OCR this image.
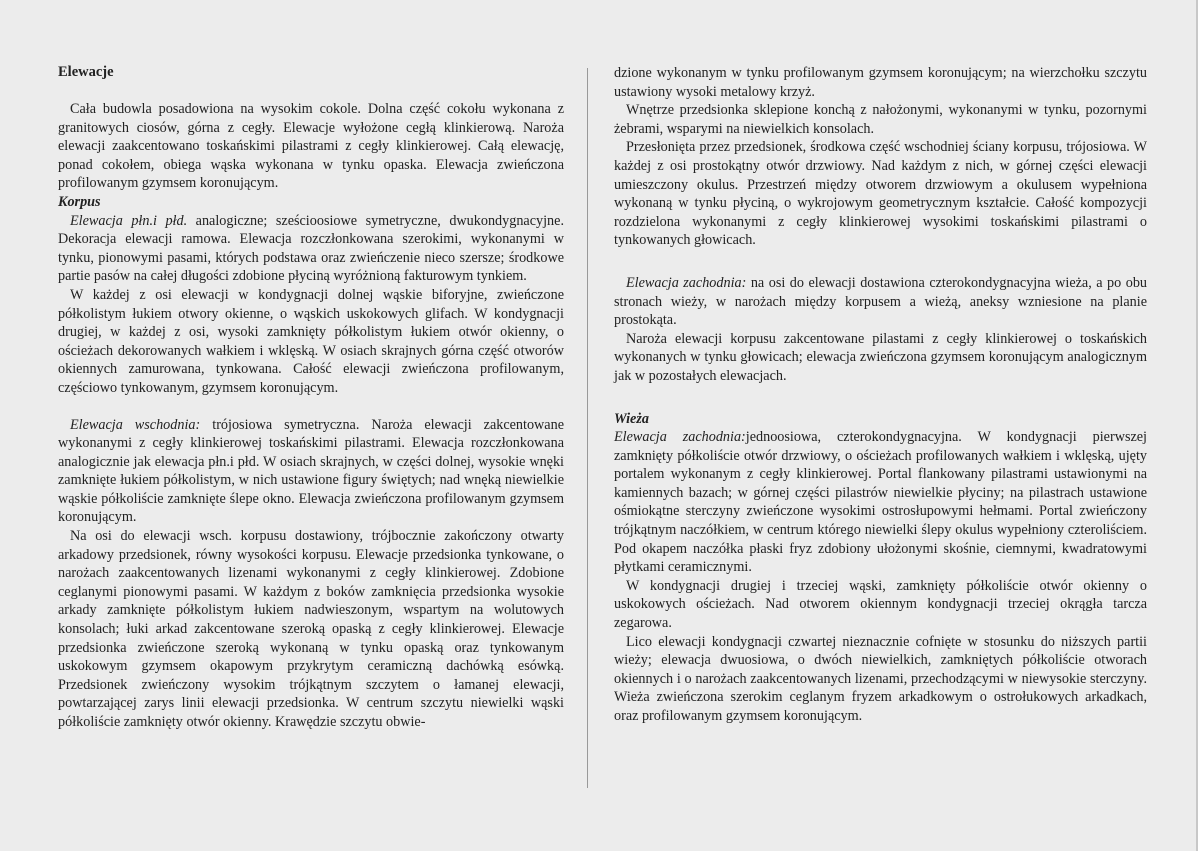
Elewacje

Cała budowla posadowiona na wysokim cokole. Dolna część cokołu wykonana z granitowych ciosów, górna z cegły. Elewacje wyłożone cegłą klinkierową. Naroża elewacji zaakcentowano toskańskimi pilastrami z cegły klinkierowej. Całą elewację, ponad cokołem, obiega wąska wykonana w tynku opaska. Elewacja zwieńczona profilowanym gzymsem koronującym.

Korpus

Elewacja płn.i płd. analogiczne; sześcioosiowe symetryczne, dwukondygnacyjne. Dekoracja elewacji ramowa. Elewacja rozczłonkowana szerokimi, wykonanymi w tynku, pionowymi pasami, których podstawa oraz zwieńczenie nieco szersze; środkowe partie pasów na całej długości zdobione płyciną wyróżnioną fakturowym tynkiem.

W każdej z osi elewacji w kondygnacji dolnej wąskie biforyjne, zwieńczone półkolistym łukiem otwory okienne, o wąskich uskokowych glifach. W kondygnacji drugiej, w każdej z osi, wysoki zamknięty półkolistym łukiem otwór okienny, o ościeżach dekorowanych wałkiem i wklęską. W osiach skrajnych górna część otworów okiennych zamurowana, tynkowana. Całość elewacji zwieńczona profilowanym, częściowo tynkowanym, gzymsem koronującym.

Elewacja wschodnia: trójosiowa symetryczna. Naroża elewacji zakcentowane wykonanymi z cegły klinkierowej toskańskimi pilastrami. Elewacja rozczłonkowana analogicznie jak elewacja płn.i płd. W osiach skrajnych, w części dolnej, wysokie wnęki zamknięte łukiem półkolistym, w nich ustawione figury świętych; nad wnęką niewielkie wąskie półkoliście zamknięte ślepe okno. Elewacja zwieńczona profilowanym gzymsem koronującym.

Na osi do elewacji wsch. korpusu dostawiony, trójbocznie zakończony otwarty arkadowy przedsionek, równy wysokości korpusu. Elewacje przedsionka tynkowane, o narożach zaakcentowanych lizenami wykonanymi z cegły klinkierowej. Zdobione ceglanymi pionowymi pasami. W każdym z boków zamknięcia przedsionka wysokie arkady zamknięte półkolistym łukiem nadwieszonym, wspartym na wolutowych konsolach; łuki arkad zakcentowane szeroką opaską z cegły klinkierowej. Elewacje przedsionka zwieńczone szeroką wykonaną w tynku opaską oraz tynkowanym uskokowym gzymsem okapowym przykrytym ceramiczną dachówką esówką. Przedsionek zwieńczony wysokim trójkątnym szczytem o łamanej elewacji, powtarzającej zarys linii elewacji przedsionka. W centrum szczytu niewielki wąski półkoliście zamknięty otwór okienny. Krawędzie szczytu obwie-

dzione wykonanym w tynku profilowanym gzymsem koronującym; na wierzchołku szczytu ustawiony wysoki metalowy krzyż.

Wnętrze przedsionka sklepione konchą z nałożonymi, wykonanymi w tynku, pozornymi żebrami, wsparymi na niewielkich konsolach.

Przesłonięta przez przedsionek, środkowa część wschodniej ściany korpusu, trójosiowa. W każdej z osi prostokątny otwór drzwiowy. Nad każdym z nich, w górnej części elewacji umieszczony okulus. Przestrzeń między otworem drzwiowym a okulusem wypełniona wykonaną w tynku płyciną, o wykrojowym geometrycznym kształcie. Całość kompozycji rozdzielona wykonanymi z cegły klinkierowej wysokimi toskańskimi pilastrami o tynkowanych głowicach.

Elewacja zachodnia: na osi do elewacji dostawiona czterokondygnacyjna wieża, a po obu stronach wieży, w narożach między korpusem a wieżą, aneksy wzniesione na planie prostokąta.

Naroża elewacji korpusu zakcentowane pilastami z cegły klinkierowej o toskańskich wykonanych w tynku głowicach; elewacja zwieńczona gzymsem koronującym analogicznym jak w pozostałych elewacjach.

Wieża

Elewacja zachodnia:jednoosiowa, czterokondygnacyjna. W kondygnacji pierwszej zamknięty półkoliście otwór drzwiowy, o ościeżach profilowanych wałkiem i wklęską, ujęty portalem wykonanym z cegły klinkierowej. Portal flankowany pilastrami ustawionymi na kamiennych bazach; w górnej części pilastrów niewielkie płyciny; na pilastrach ustawione ośmiokątne sterczyny zwieńczone wysokimi ostrosłupowymi hełmami. Portal zwieńczony trójkątnym naczółkiem, w centrum którego niewielki ślepy okulus wypełniony czteroliściem. Pod okapem naczółka płaski fryz zdobiony ułożonymi skośnie, ciemnymi, kwadratowymi płytkami ceramicznymi.

W kondygnacji drugiej i trzeciej wąski, zamknięty półkoliście otwór okienny o uskokowych ościeżach. Nad otworem okiennym kondygnacji trzeciej okrągła tarcza zegarowa.

Lico elewacji kondygnacji czwartej nieznacznie cofnięte w stosunku do niższych partii wieży; elewacja dwuosiowa, o dwóch niewielkich, zamkniętych półkoliście otworach okiennych i o narożach zaakcentowanych lizenami, przechodzącymi w niewysokie sterczyny. Wieża zwieńczona szerokim ceglanym fryzem arkadkowym o ostrołukowych arkadkach, oraz profilowanym gzymsem koronującym.
